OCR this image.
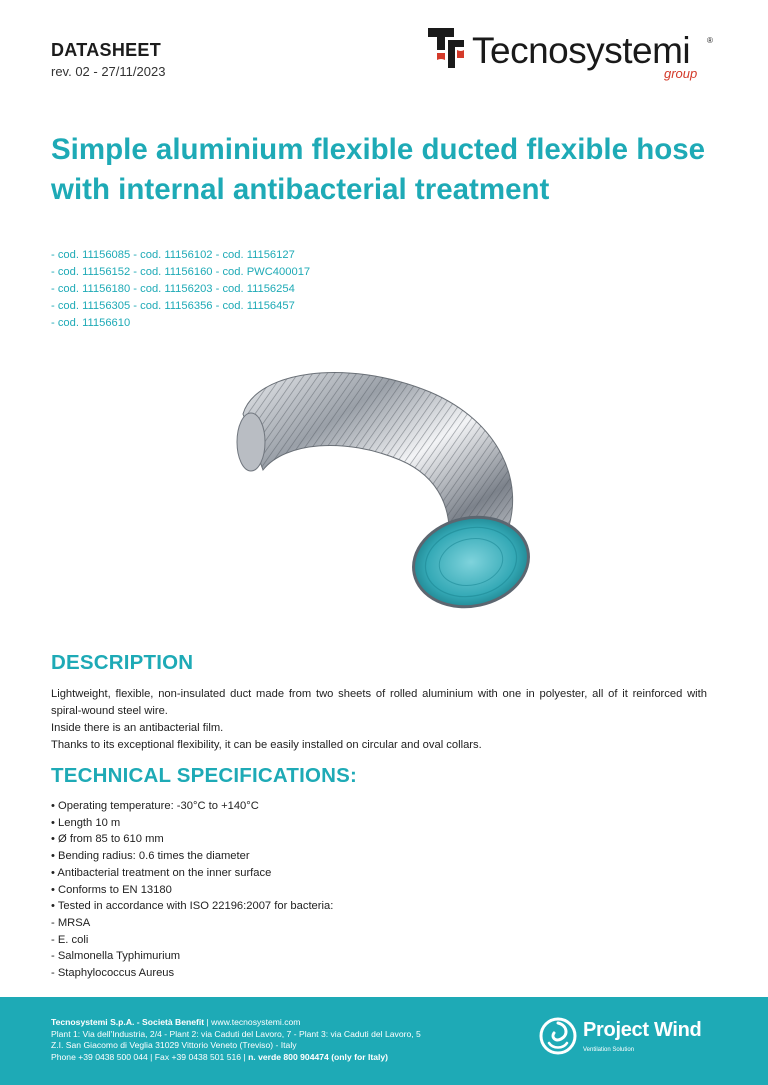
DATASHEET
rev. 02 - 27/11/2023
Tecnosystemi ®
group
Simple aluminium flexible ducted flexible hose with internal antibacterial treatment
- cod. 11156085 - cod. 11156102 - cod. 11156127
- cod. 11156152 - cod. 11156160 - cod. PWC400017
- cod. 11156180 - cod. 11156203 - cod. 11156254
- cod. 11156305 - cod. 11156356 - cod. 11156457
- cod. 11156610
DESCRIPTION

Lightweight, flexible, non-insulated duct made from two sheets of rolled aluminium with one in polyester, all of it reinforced with spiral-wound steel wire.

Inside there is an antibacterial film.

Thanks to its exceptional flexibility, it can be easily installed on circular and oval collars.

TECHNICAL SPECIFICATIONS:
• Operating temperature: -30°C to +140°C
• Length 10 m
• Ø from 85 to 610 mm
• Bending radius: 0.6 times the diameter
• Antibacterial treatment on the inner surface
• Conforms to EN 13180
• Tested in accordance with ISO 22196:2007 for bacteria:
- MRSA
- E. coli
- Salmonella Typhimurium
- Staphylococcus Aureus
Tecnosystemi S.p.A. - Società Benefit | www.tecnosystemi.com
Plant 1: Via dell'Industria, 2/4 - Plant 2: via Caduti del Lavoro, 7 - Plant 3: via Caduti del Lavoro, 5
Z.I. San Giacomo di Veglia 31029 Vittorio Veneto (Treviso) - Italy
Phone +39 0438 500 044 | Fax +39 0438 501 516 | n. verde 800 904474 (only for Italy)
Project Wind
Ventilation Solution
